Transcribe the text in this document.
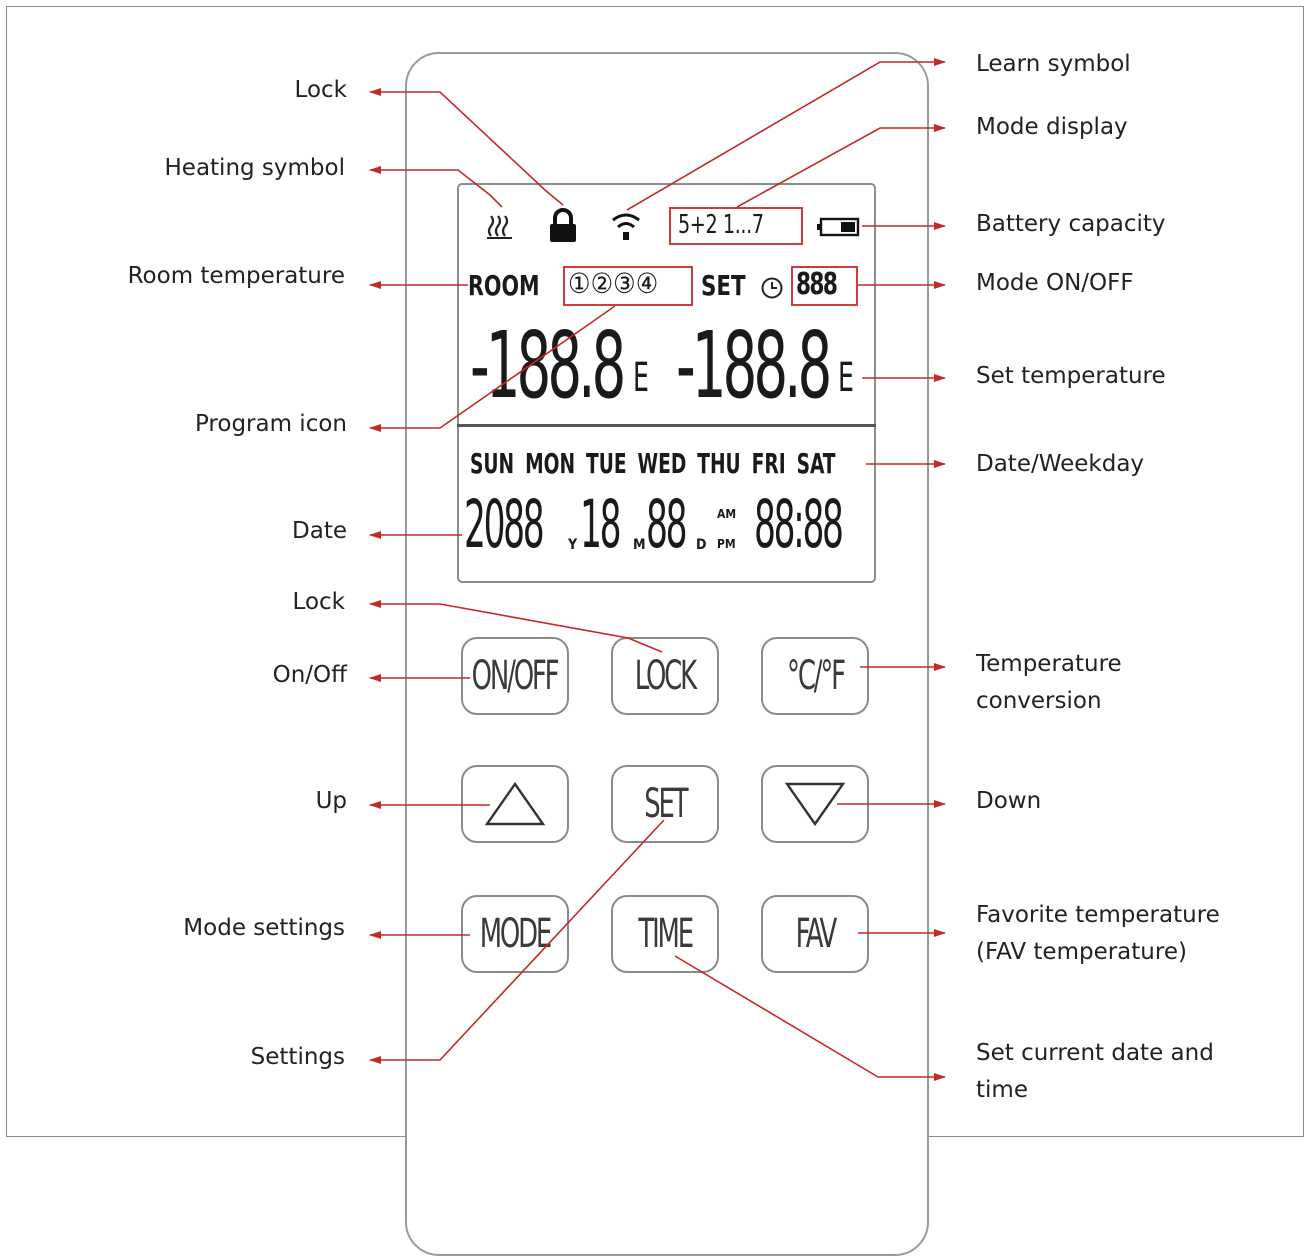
5+2 1...7
ROOM ①②③④ SET 888
-188.8 E -188.8 E
SUN MON TUE WED THU FRI SAT
2088 Y 18 M 88 D
AM
PM 88:88
ON/OFF LOCK °C/°F
SET
MODE TIME	FAV
Lock
Heating symbol
Room temperature
Program icon
Date
Lock
On/Off
Up
Mode settings
Settings
Learn symbol
Mode display
Battery capacity
Mode ON/OFF
Set temperature
Date/Weekday
Temperature
conversion
Down
Favorite temperature
(FAV temperature)
Set current date and
time
